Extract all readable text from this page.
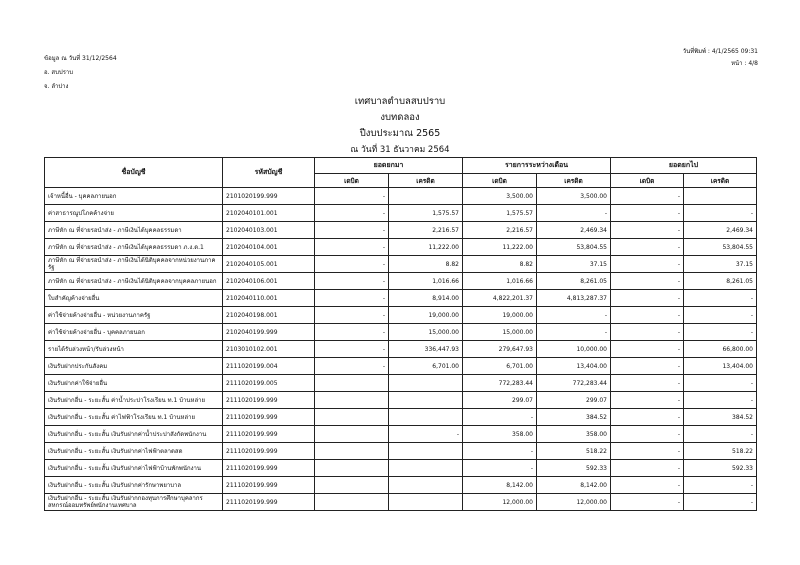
ข้อมูล ณ วันที่ 31/12/2564
อ. สบปราบ
จ. ลำปาง
วันที่พิมพ์ : 4/1/2565 09:31
หน้า : 4/8
เทศบาลตำบลสบปราบ
งบทดลอง
ปีงบประมาณ 2565
ณ วันที่ 31 ธันวาคม 2564
ชื่อบัญชี	รหัสบัญชี	ยอดยกมา		รายการระหว่างเดือน		ยอดยกไป	
		เดบิต	เครดิต	เดบิต	เครดิต	เดบิต	เครดิต
เจ้าหนี้อื่น - บุคคลภายนอก	2101020199.999	-		3,500.00	3,500.00	-	
ค่าสาธารณูปโภคค้างจ่าย	2102040101.001	-	1,575.57	1,575.57	-	-	-
ภาษีหัก ณ ที่จ่ายรอนำส่ง - ภาษีเงินได้บุคคลธรรมดา	2102040103.001	-	2,216.57	2,216.57	2,469.34	-	2,469.34
ภาษีหัก ณ ที่จ่ายรอนำส่ง - ภาษีเงินได้บุคคลธรรมดา ภ.ง.ด.1	2102040104.001	-	11,222.00	11,222.00	53,804.55	-	53,804.55
ภาษีหัก ณ ที่จ่ายรอนำส่ง - ภาษีเงินได้นิติบุคคลจากหน่วยงานภาครัฐ	2102040105.001	-	8.82	8.82	37.15	-	37.15
ภาษีหัก ณ ที่จ่ายรอนำส่ง - ภาษีเงินได้นิติบุคคลจากบุคคลภายนอก	2102040106.001	-	1,016.66	1,016.66	8,261.05	-	8,261.05
ใบสำคัญค้างจ่ายอื่น	2102040110.001	-	8,914.00	4,822,201.37	4,813,287.37	-	-
ค่าใช้จ่ายค้างจ่ายอื่น - หน่วยงานภาครัฐ	2102040198.001	-	19,000.00	19,000.00	-	-	-
ค่าใช้จ่ายค้างจ่ายอื่น - บุคคลภายนอก	2102040199.999	-	15,000.00	15,000.00	-	-	-
รายได้รับล่วงหน้า/รับล่วงหน้า	2103010102.001	-	336,447.93	279,647.93	10,000.00	-	66,800.00
เงินรับฝากประกันสังคม	2111020199.004	-	6,701.00	6,701.00	13,404.00	-	13,404.00
เงินรับฝากค่าใช้จ่ายอื่น	2111020199.005			772,283.44	772,283.44	-	-
เงินรับฝากอื่น - ระยะสั้น ค่าน้ำประปาโรงเรียน ท.1 บ้านหล่าย	2111020199.999			299.07	299.07	-	-
เงินรับฝากอื่น - ระยะสั้น ค่าไฟฟ้าโรงเรียน ท.1 บ้านหล่าย	2111020199.999			-	384.52	-	384.52
เงินรับฝากอื่น - ระยะสั้น เงินรับฝากค่าน้ำประปาสังกัดพนักงาน	2111020199.999		-	358.00	358.00	-	-
เงินรับฝากอื่น - ระยะสั้น เงินรับฝากค่าไฟฟ้าตลาดสด	2111020199.999			-	518.22	-	518.22
เงินรับฝากอื่น - ระยะสั้น เงินรับฝากค่าไฟฟ้าบ้านพักพนักงาน	2111020199.999			-	592.33	-	592.33
เงินรับฝากอื่น - ระยะสั้น เงินรับฝากค่ารักษาพยาบาล	2111020199.999			8,142.00	8,142.00	-	-
เงินรับฝากอื่น - ระยะสั้น เงินรับฝากกองทุนการศึกษาบุคลากรสหกรณ์ออมทรัพย์พนักงานเทศบาล	2111020199.999			12,000.00	12,000.00	-	-
